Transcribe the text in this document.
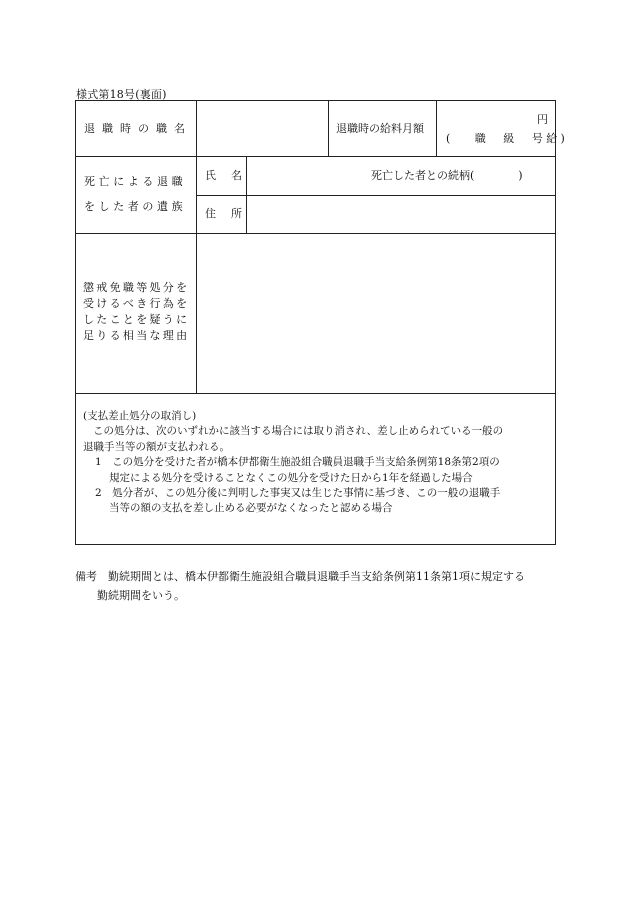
様式第18号(裏面)
退職時の職名	退職時の給料月額
円
(　 職　級　号給)
死亡による退職
をした者の遺族
氏　名	死亡した者との続柄(　　　　)
住　所
懲戒免職等処分を
受けるべき行為を
したことを疑うに
足りる相当な理由

(支払差止処分の取消し)

この処分は、次のいずれかに該当する場合には取り消され、差し止められている一般の

退職手当等の額が支払われる。

1　この処分を受けた者が橋本伊都衛生施設組合職員退職手当支給条例第18条第2項の

規定による処分を受けることなくこの処分を受けた日から1年を経過した場合

2　処分者が、この処分後に判明した事実又は生じた事情に基づき、この一般の退職手

当等の額の支払を差し止める必要がなくなったと認める場合

備考　勤続期間とは、橋本伊都衛生施設組合職員退職手当支給条例第11条第1項に規定する

勤続期間をいう。
